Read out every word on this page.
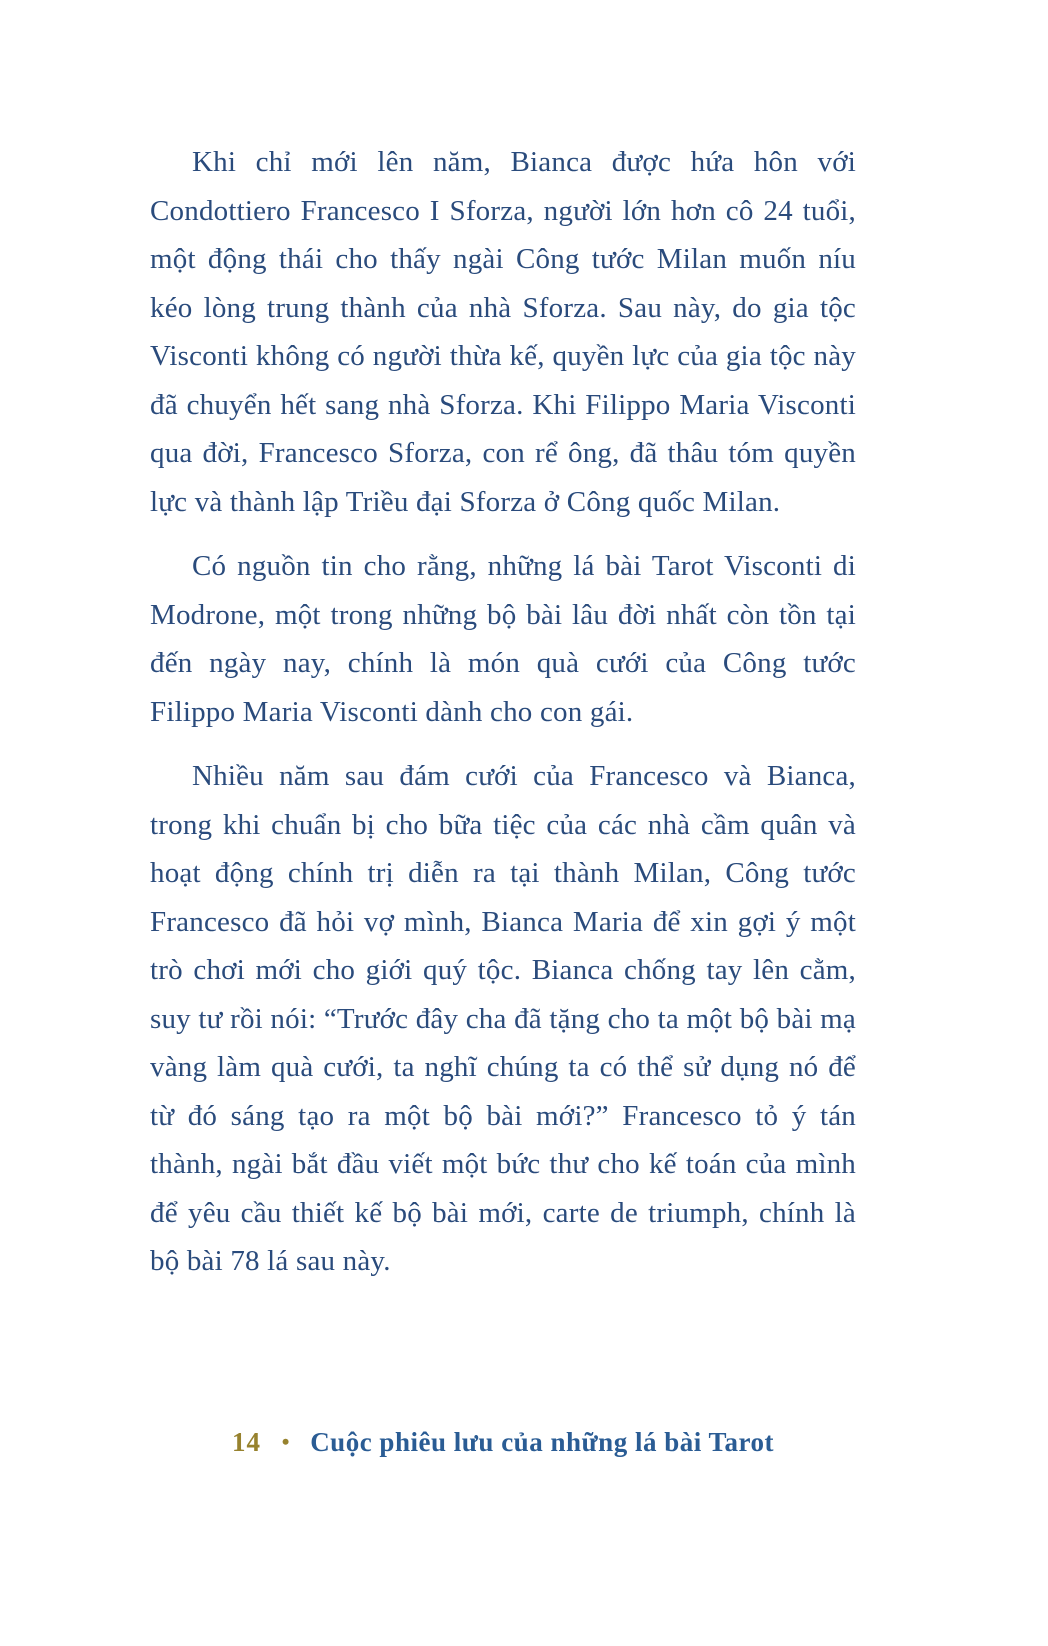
Khi chỉ mới lên năm, Bianca được hứa hôn với Condottiero Francesco I Sforza, người lớn hơn cô 24 tuổi, một động thái cho thấy ngài Công tước Milan muốn níu kéo lòng trung thành của nhà Sforza. Sau này, do gia tộc Visconti không có người thừa kế, quyền lực của gia tộc này đã chuyển hết sang nhà Sforza. Khi Filippo Maria Visconti qua đời, Francesco Sforza, con rể ông, đã thâu tóm quyền lực và thành lập Triều đại Sforza ở Công quốc Milan.

Có nguồn tin cho rằng, những lá bài Tarot Visconti di Modrone, một trong những bộ bài lâu đời nhất còn tồn tại đến ngày nay, chính là món quà cưới của Công tước Filippo Maria Visconti dành cho con gái.

Nhiều năm sau đám cưới của Francesco và Bianca, trong khi chuẩn bị cho bữa tiệc của các nhà cầm quân và hoạt động chính trị diễn ra tại thành Milan, Công tước Francesco đã hỏi vợ mình, Bianca Maria để xin gợi ý một trò chơi mới cho giới quý tộc. Bianca chống tay lên cằm, suy tư rồi nói: “Trước đây cha đã tặng cho ta một bộ bài mạ vàng làm quà cưới, ta nghĩ chúng ta có thể sử dụng nó để từ đó sáng tạo ra một bộ bài mới?” Francesco tỏ ý tán thành, ngài bắt đầu viết một bức thư cho kế toán của mình để yêu cầu thiết kế bộ bài mới, carte de triumph, chính là bộ bài 78 lá sau này.

14 • Cuộc phiêu lưu của những lá bài Tarot
